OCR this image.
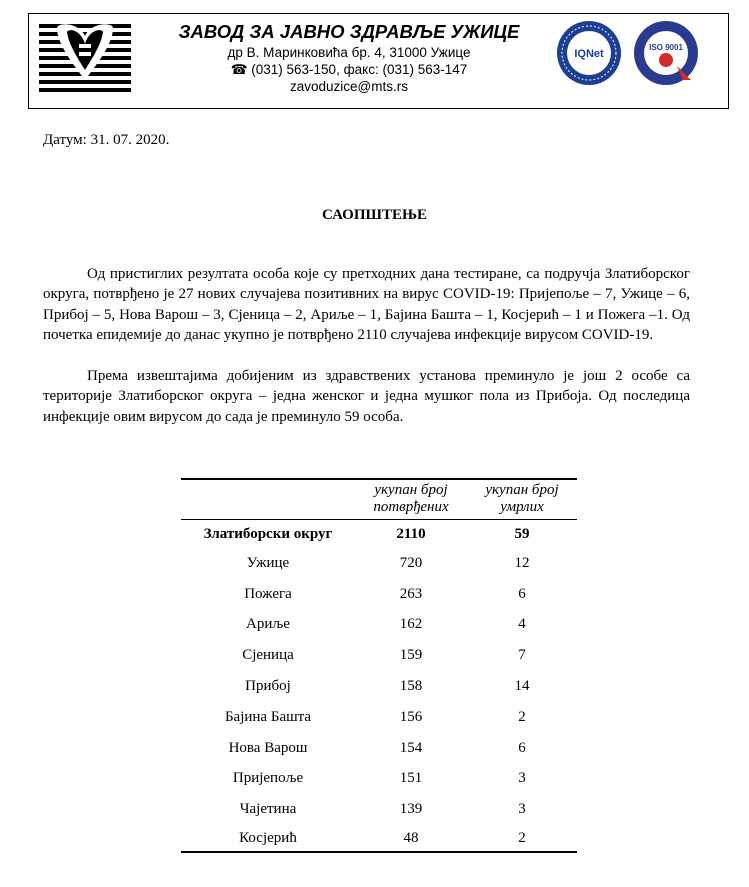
ЗАВОД ЗА ЈАВНО ЗДРАВЉЕ УЖИЦЕ
др В. Маринковића бр. 4, 31000 Ужице
☎ (031) 563-150, факс: (031) 563-147
zavoduzice@mts.rs
IQNet
ISO 9001
Датум: 31. 07. 2020.
САОПШТЕЊЕ

Од пристиглих резултата особа које су претходних дана тестиране, са подручја Златиборског округа, потврђено је 27 нових случајева позитивних на вирус COVID-19: Пријепоље – 7, Ужице – 6, Прибој – 5, Нова Варош – 3, Сјеница – 2, Ариље – 1, Бајина Башта – 1, Косјерић – 1 и Пожега –1. Од почетка епидемије до данас укупно је потврђено 2110 случајева инфекције вирусом COVID-19.

Према извештајима добијеним из здравствених установа преминуло је још 2 особе са територије Златиборског округа – једна женског и једна мушког пола из Прибоја. Од последица инфекције овим вирусом до сада је преминуло 59 особа.

	укупан број потврђених	укупан број умрлих
Златиборски округ	2110	59
Ужице	720	12
Пожега	263	6
Ариље	162	4
Сјеница	159	7
Прибој	158	14
Бајина Башта	156	2
Нова Варош	154	6
Пријепоље	151	3
Чајетина	139	3
Косјерић	48	2
